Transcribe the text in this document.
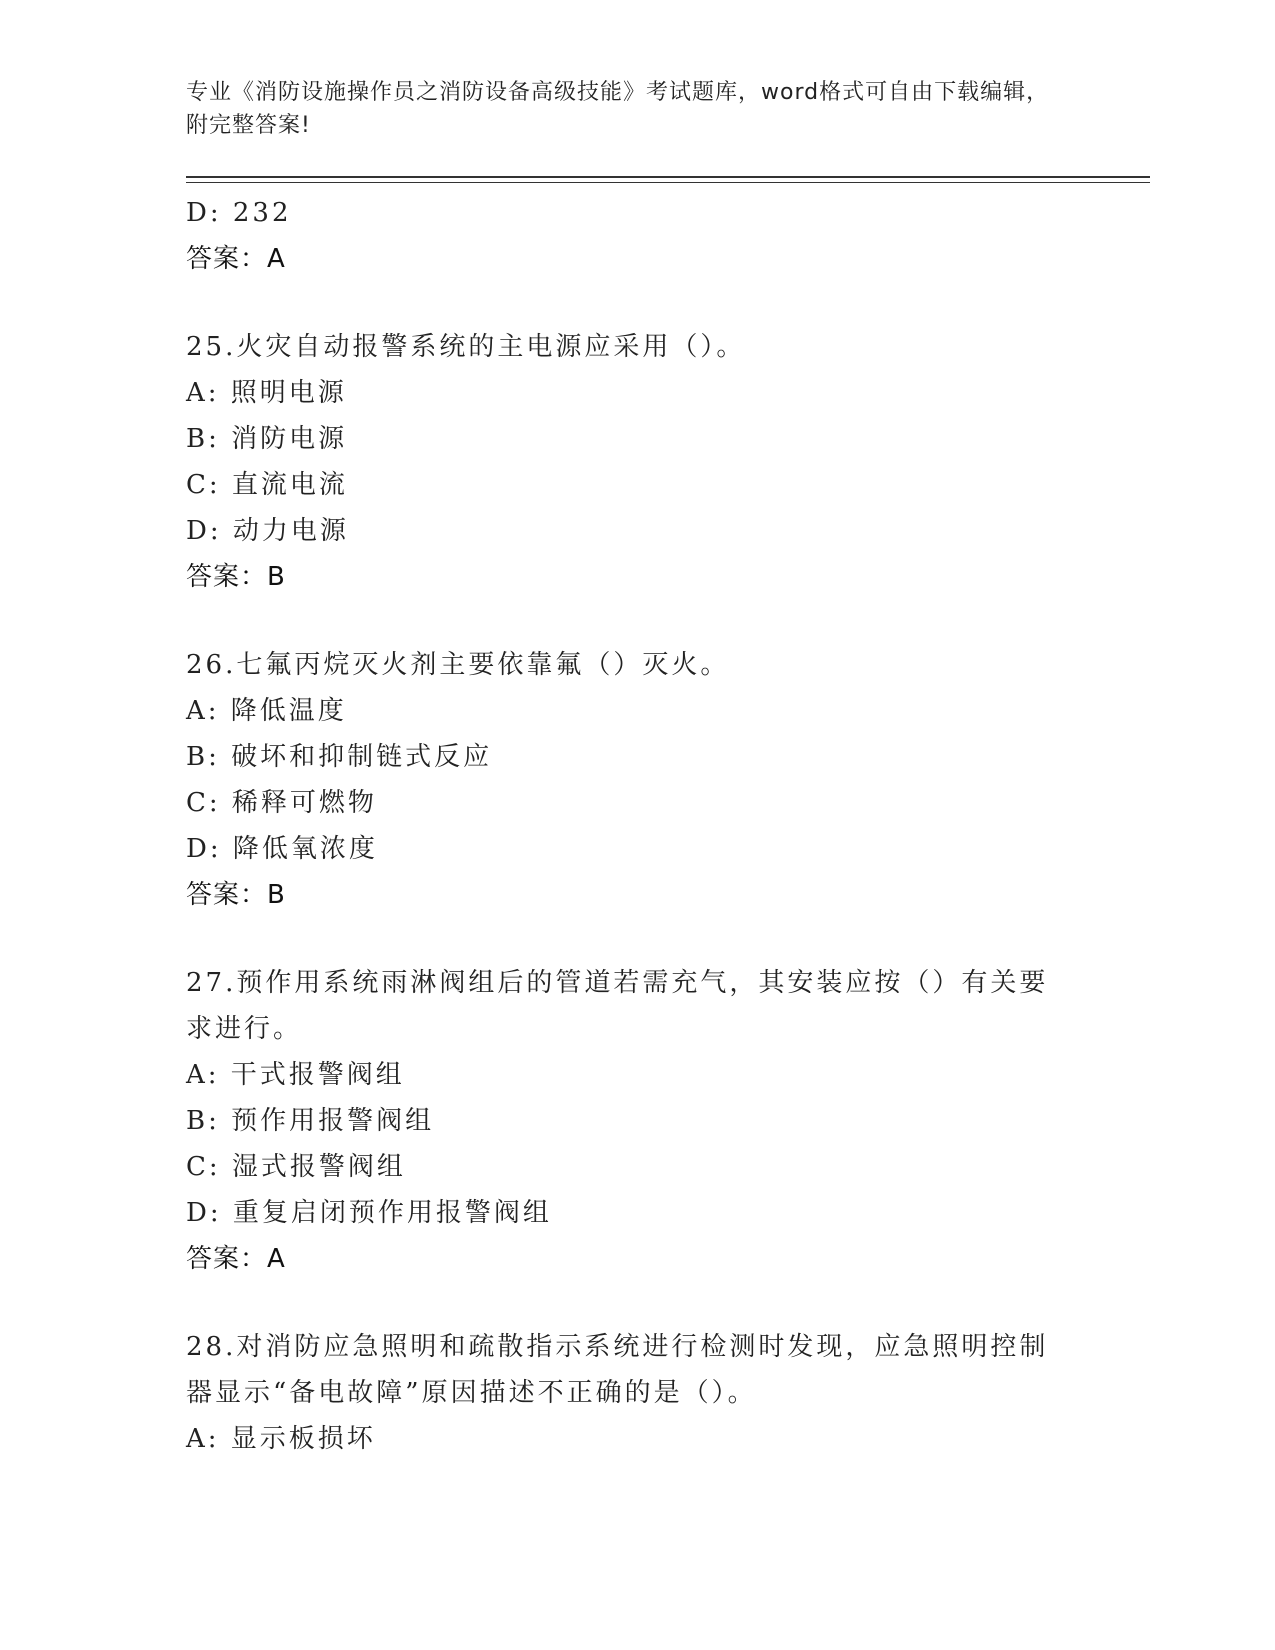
专业《消防设施操作员之消防设备高级技能》考试题库，word格式可自由下载编辑，附完整答案!
D: 232
答案：A
25.火灾自动报警系统的主电源应采用（）。
A: 照明电源
B: 消防电源
C: 直流电流
D: 动力电源
答案：B
26.七氟丙烷灭火剂主要依靠氟（）灭火。
A: 降低温度
B: 破坏和抑制链式反应
C: 稀释可燃物
D: 降低氧浓度
答案：B
27.预作用系统雨淋阀组后的管道若需充气，其安装应按（）有关要求进行。
A: 干式报警阀组
B: 预作用报警阀组
C: 湿式报警阀组
D: 重复启闭预作用报警阀组
答案：A
28.对消防应急照明和疏散指示系统进行检测时发现，应急照明控制器显示“备电故障”原因描述不正确的是（）。
A: 显示板损坏
